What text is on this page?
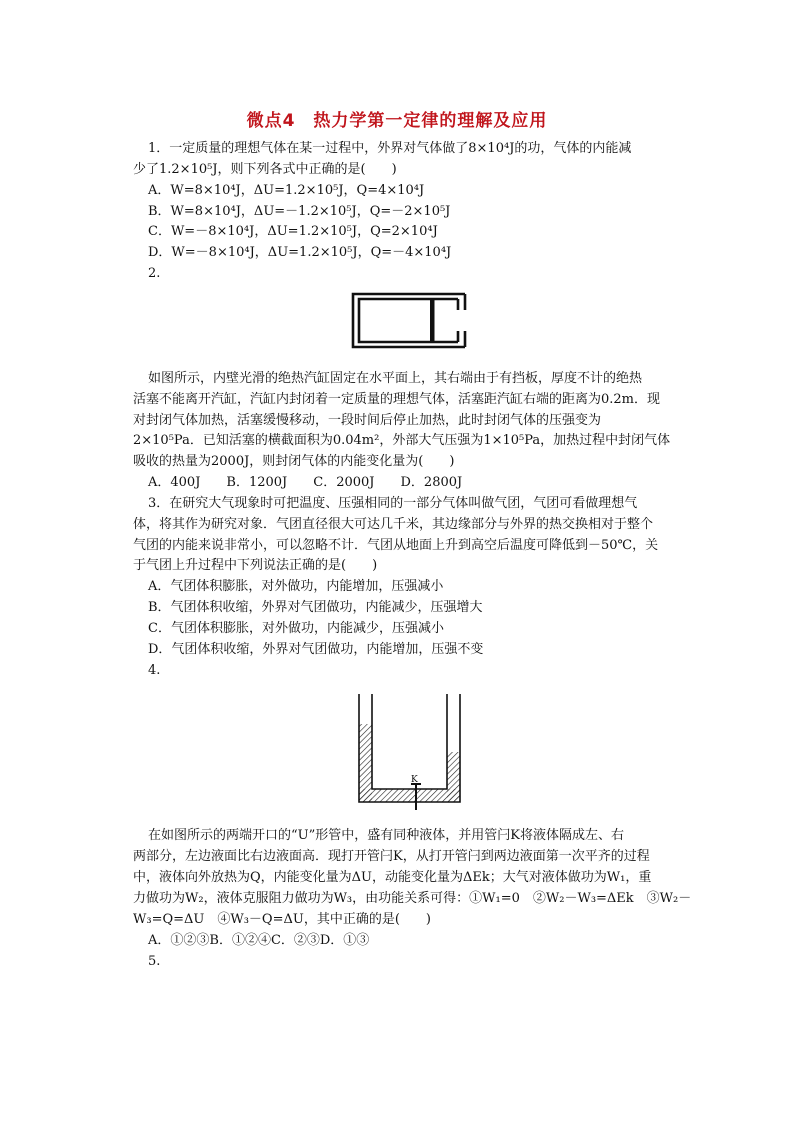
微点4　热力学第一定律的理解及应用
1．一定质量的理想气体在某一过程中，外界对气体做了8×10⁴J的功，气体的内能减
少了1.2×10⁵J，则下列各式中正确的是(　　)
A．W=8×10⁴J，ΔU=1.2×10⁵J，Q=4×10⁴J
B．W=8×10⁴J，ΔU=－1.2×10⁵J，Q=－2×10⁵J
C．W=－8×10⁴J，ΔU=1.2×10⁵J，Q=2×10⁴J
D．W=－8×10⁴J，ΔU=1.2×10⁵J，Q=－4×10⁴J
2.
如图所示，内壁光滑的绝热汽缸固定在水平面上，其右端由于有挡板，厚度不计的绝热
活塞不能离开汽缸，汽缸内封闭着一定质量的理想气体，活塞距汽缸右端的距离为0.2m．现
对封闭气体加热，活塞缓慢移动，一段时间后停止加热，此时封闭气体的压强变为
2×10⁵Pa．已知活塞的横截面积为0.04m²，外部大气压强为1×10⁵Pa，加热过程中封闭气体
吸收的热量为2000J，则封闭气体的内能变化量为(　　)
A．400J　　B．1200J　　C．2000J　　D．2800J
3．在研究大气现象时可把温度、压强相同的一部分气体叫做气团，气团可看做理想气
体，将其作为研究对象．气团直径很大可达几千米，其边缘部分与外界的热交换相对于整个
气团的内能来说非常小，可以忽略不计．气团从地面上升到高空后温度可降低到－50℃，关
于气团上升过程中下列说法正确的是(　　)
A．气团体积膨胀，对外做功，内能增加，压强减小
B．气团体积收缩，外界对气团做功，内能减少，压强增大
C．气团体积膨胀，对外做功，内能减少，压强减小
D．气团体积收缩，外界对气团做功，内能增加，压强不变
4.
K
在如图所示的两端开口的“U”形管中，盛有同种液体，并用管闩K将液体隔成左、右
两部分，左边液面比右边液面高．现打开管闩K，从打开管闩到两边液面第一次平齐的过程
中，液体向外放热为Q，内能变化量为ΔU，动能变化量为ΔEk；大气对液体做功为W₁，重
力做功为W₂，液体克服阻力做功为W₃，由功能关系可得：①W₁=0　②W₂－W₃=ΔEk　③W₂－
W₃=Q=ΔU　④W₃－Q=ΔU，其中正确的是(　　)
A．①②③B．①②④C．②③D．①③
5.
